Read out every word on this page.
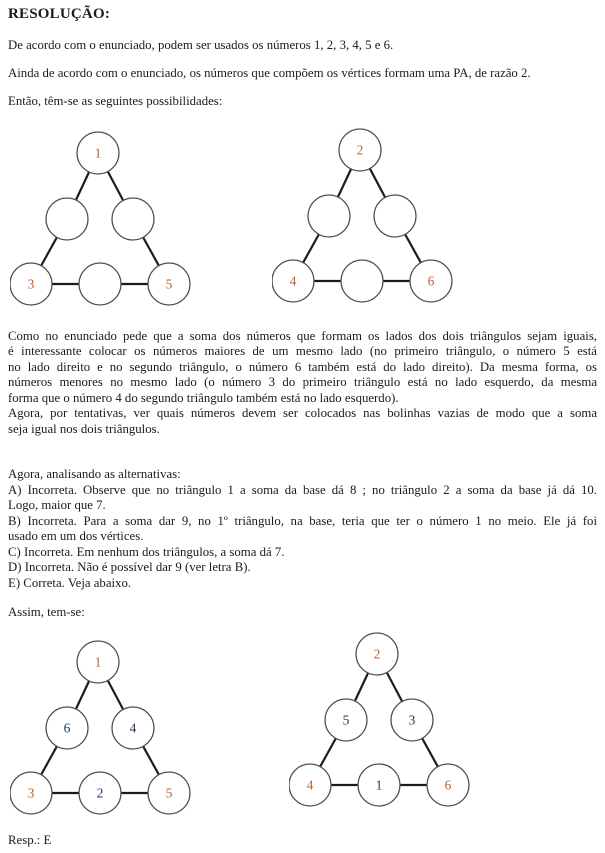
RESOLUÇÃO:
De acordo com o enunciado, podem ser usados os números 1, 2, 3, 4, 5 e 6.
Ainda de acordo com o enunciado, os números que compõem os vértices formam uma PA, de razão 2.
Então, têm-se as seguintes possibilidades:
1
3	5
2
4	6
Como no enunciado pede que a soma dos números que formam os lados dos dois triângulos sejam iguais,
é interessante colocar os números maiores de um mesmo lado (no primeiro triângulo, o número 5 está
no lado direito e no segundo triângulo, o número 6 também está do lado direito). Da mesma forma, os
números menores no mesmo lado (o número 3 do primeiro triângulo está no lado esquerdo, da mesma
forma que o número 4 do segundo triângulo também está no lado esquerdo).
Agora, por tentativas, ver quais números devem ser colocados nas bolinhas vazias de modo que a soma
seja igual nos dois triângulos.
Agora, analisando as alternativas:
A) Incorreta. Observe que no triângulo 1 a soma da base dá 8 ; no triângulo 2 a soma da base já dá 10.
Logo, maior que 7.
B) Incorreta. Para a soma dar 9, no 1º triângulo, na base, teria que ter o número 1 no meio. Ele já foi
usado em um dos vértices.
C) Incorreta. Em nenhum dos triângulos, a soma dá 7.
D) Incorreta. Não é possível dar 9 (ver letra B).
E) Correta. Veja abaixo.
Assim, tem-se:
1
6	4
3	2	5
2
5	3
4	1	6
Resp.: E
